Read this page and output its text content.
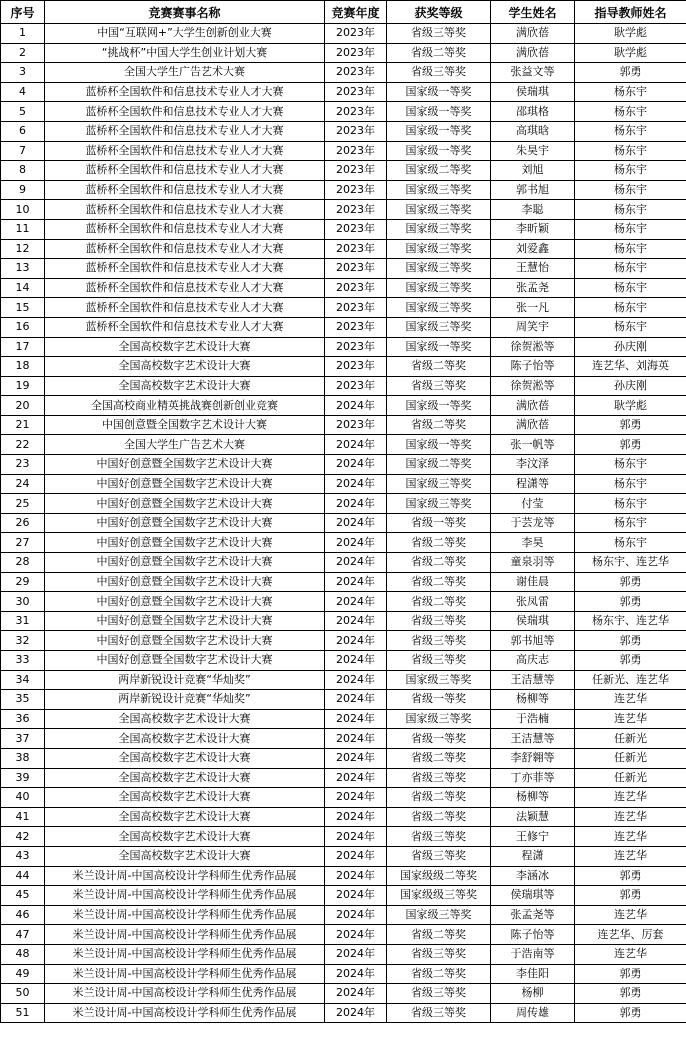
序号	竞赛赛事名称	竞赛年度	获奖等级	学生姓名	指导教师姓名
1	中国“互联网+”大学生创新创业大赛	2023年	省级三等奖	满欣蓓	耿学彪
2	“挑战杯”中国大学生创业计划大赛	2023年	省级二等奖	满欣蓓	耿学彪
3	全国大学生广告艺术大赛	2023年	省级三等奖	张益文等	郭勇
4	蓝桥杯全国软件和信息技术专业人才大赛	2023年	国家级一等奖	侯瑞琪	杨东宇
5	蓝桥杯全国软件和信息技术专业人才大赛	2023年	国家级一等奖	邵琪格	杨东宇
6	蓝桥杯全国软件和信息技术专业人才大赛	2023年	国家级一等奖	高琪晗	杨东宇
7	蓝桥杯全国软件和信息技术专业人才大赛	2023年	国家级一等奖	朱昊宇	杨东宇
8	蓝桥杯全国软件和信息技术专业人才大赛	2023年	国家级二等奖	刘旭	杨东宇
9	蓝桥杯全国软件和信息技术专业人才大赛	2023年	国家级三等奖	郭书旭	杨东宇
10	蓝桥杯全国软件和信息技术专业人才大赛	2023年	国家级三等奖	李聪	杨东宇
11	蓝桥杯全国软件和信息技术专业人才大赛	2023年	国家级三等奖	李昕颖	杨东宇
12	蓝桥杯全国软件和信息技术专业人才大赛	2023年	国家级三等奖	刘爱鑫	杨东宇
13	蓝桥杯全国软件和信息技术专业人才大赛	2023年	国家级三等奖	王慧怡	杨东宇
14	蓝桥杯全国软件和信息技术专业人才大赛	2023年	国家级三等奖	张孟尧	杨东宇
15	蓝桥杯全国软件和信息技术专业人才大赛	2023年	国家级三等奖	张一凡	杨东宇
16	蓝桥杯全国软件和信息技术专业人才大赛	2023年	国家级三等奖	周笑宇	杨东宇
17	全国高校数字艺术设计大赛	2023年	国家级一等奖	徐贺淞等	孙庆刚
18	全国高校数字艺术设计大赛	2023年	省级二等奖	陈子怡等	连艺华、刘海英
19	全国高校数字艺术设计大赛	2023年	省级三等奖	徐贺淞等	孙庆刚
20	全国高校商业精英挑战赛创新创业竞赛	2024年	国家级一等奖	满欣蓓	耿学彪
21	中国创意暨全国数字艺术设计大赛	2023年	省级二等奖	满欣蓓	郭勇
22	全国大学生广告艺术大赛	2024年	国家级一等奖	张一帆等	郭勇
23	中国好创意暨全国数字艺术设计大赛	2024年	国家级二等奖	李汶泽	杨东宇
24	中国好创意暨全国数字艺术设计大赛	2024年	国家级三等奖	程潇等	杨东宇
25	中国好创意暨全国数字艺术设计大赛	2024年	国家级三等奖	付莹	杨东宇
26	中国好创意暨全国数字艺术设计大赛	2024年	省级一等奖	于芸龙等	杨东宇
27	中国好创意暨全国数字艺术设计大赛	2024年	省级二等奖	李昊	杨东宇
28	中国好创意暨全国数字艺术设计大赛	2024年	省级二等奖	童泉羽等	杨东宇、连艺华
29	中国好创意暨全国数字艺术设计大赛	2024年	省级二等奖	谢佳晨	郭勇
30	中国好创意暨全国数字艺术设计大赛	2024年	省级二等奖	张凤雷	郭勇
31	中国好创意暨全国数字艺术设计大赛	2024年	省级三等奖	侯瑞琪	杨东宇、连艺华
32	中国好创意暨全国数字艺术设计大赛	2024年	省级三等奖	郭书旭等	郭勇
33	中国好创意暨全国数字艺术设计大赛	2024年	省级三等奖	高庆志	郭勇
34	两岸新锐设计竞赛“华灿奖”	2024年	国家级三等奖	王洁慧等	任新光、连艺华
35	两岸新锐设计竞赛“华灿奖”	2024年	省级一等奖	杨柳等	连艺华
36	全国高校数字艺术设计大赛	2024年	国家级三等奖	于浩楠	连艺华
37	全国高校数字艺术设计大赛	2024年	省级一等奖	王洁慧等	任新光
38	全国高校数字艺术设计大赛	2024年	省级二等奖	李舒翱等	任新光
39	全国高校数字艺术设计大赛	2024年	省级三等奖	丁亦菲等	任新光
40	全国高校数字艺术设计大赛	2024年	省级二等奖	杨柳等	连艺华
41	全国高校数字艺术设计大赛	2024年	省级二等奖	法颖慧	连艺华
42	全国高校数字艺术设计大赛	2024年	省级三等奖	王修宁	连艺华
43	全国高校数字艺术设计大赛	2024年	省级三等奖	程潇	连艺华
44	米兰设计周-中国高校设计学科师生优秀作品展	2024年	国家级级二等奖	李涵冰	郭勇
45	米兰设计周-中国高校设计学科师生优秀作品展	2024年	国家级级三等奖	侯瑞琪等	郭勇
46	米兰设计周-中国高校设计学科师生优秀作品展	2024年	国家级三等奖	张孟尧等	连艺华
47	米兰设计周-中国高校设计学科师生优秀作品展	2024年	省级二等奖	陈子怡等	连艺华、厉套
48	米兰设计周-中国高校设计学科师生优秀作品展	2024年	省级三等奖	于浩南等	连艺华
49	米兰设计周-中国高校设计学科师生优秀作品展	2024年	省级二等奖	李佳阳	郭勇
50	米兰设计周-中国高校设计学科师生优秀作品展	2024年	省级三等奖	杨柳	郭勇
51	米兰设计周-中国高校设计学科师生优秀作品展	2024年	省级三等奖	周传雄	郭勇
